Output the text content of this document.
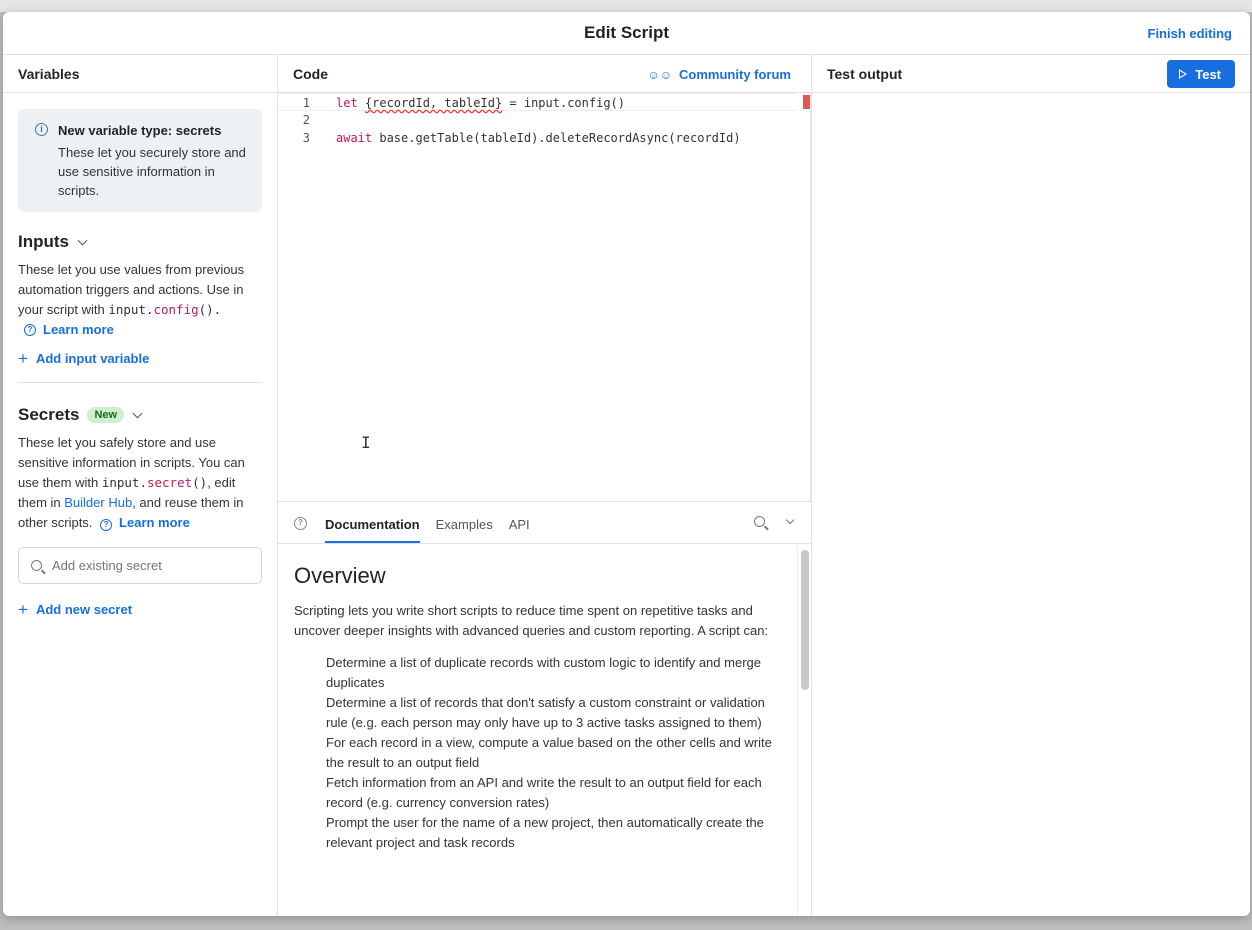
Edit Script	Finish editing
Variables
i	New variable type: secrets
These let you securely store and use sensitive information in scripts.
Inputs
These let you use values from previous automation triggers and actions. Use in your script with input.config().
? Learn more
+ Add input variable
Secrets	New
These let you safely store and use sensitive information in scripts. You can use them with input.secret(), edit them in Builder Hub, and reuse them in other scripts. ? Learn more
Add existing secret
+ Add new secret
Code	☺☺ Community forum
1	let {recordId, tableId} = input.config()
2
3	await base.getTable(tableId).deleteRecordAsync(recordId)
I
?	Documentation Examples API
Overview
Scripting lets you write short scripts to reduce time spent on repetitive tasks and uncover deeper insights with advanced queries and custom reporting. A script can:
Determine a list of duplicate records with custom logic to identify and merge duplicates
Determine a list of records that don't satisfy a custom constraint or validation rule (e.g. each person may only have up to 3 active tasks assigned to them)
For each record in a view, compute a value based on the other cells and write the result to an output field
Fetch information from an API and write the result to an output field for each record (e.g. currency conversion rates)
Prompt the user for the name of a new project, then automatically create the relevant project and task records
Test output	Test
